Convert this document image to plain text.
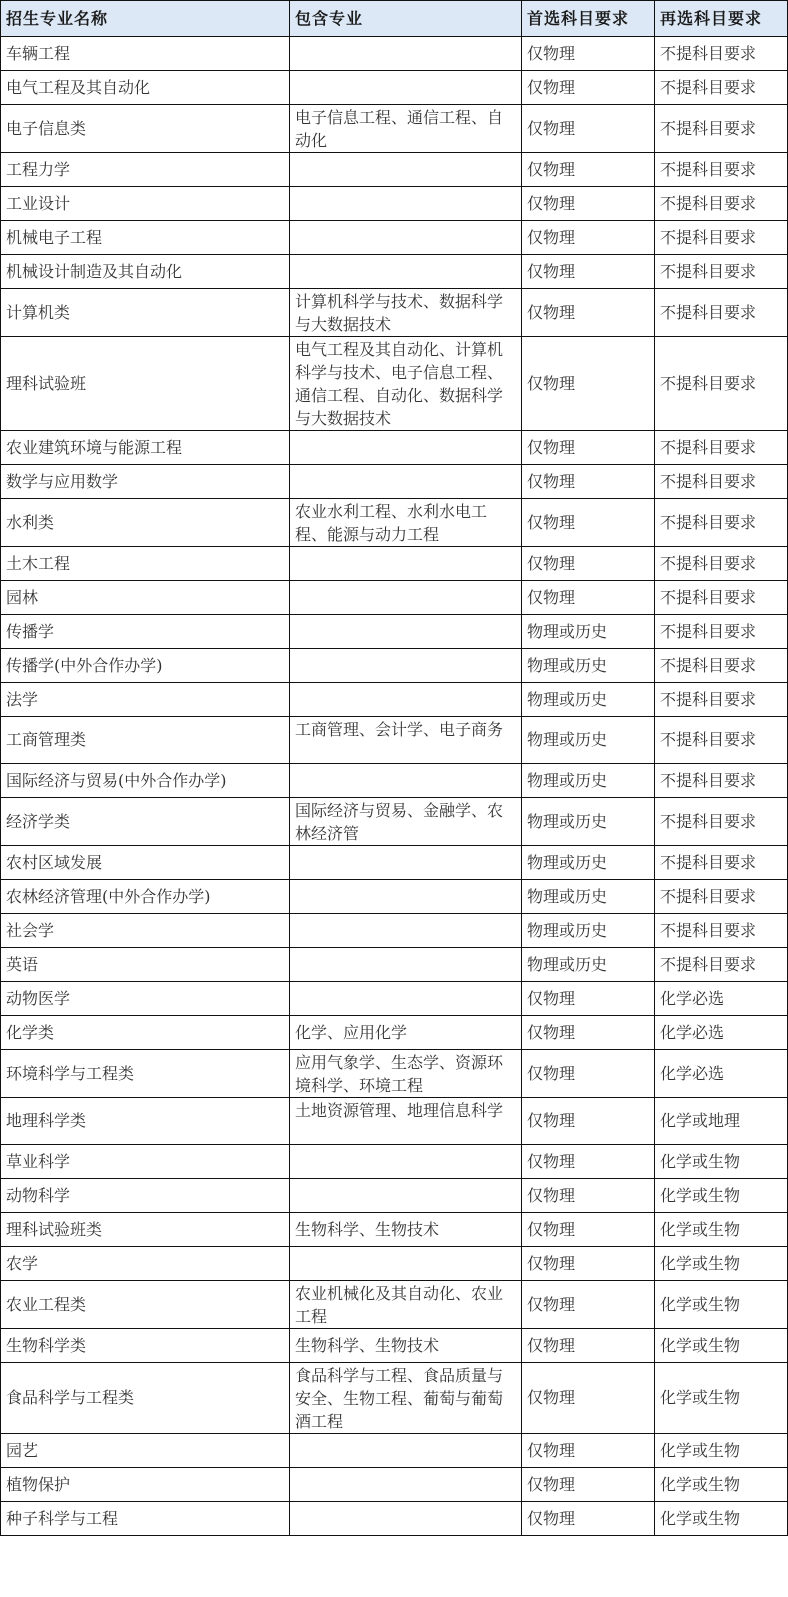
招生专业名称	包含专业	首选科目要求	再选科目要求
车辆工程		仅物理	不提科目要求
电气工程及其自动化		仅物理	不提科目要求
电子信息类	电子信息工程、通信工程、自动化	仅物理	不提科目要求
工程力学		仅物理	不提科目要求
工业设计		仅物理	不提科目要求
机械电子工程		仅物理	不提科目要求
机械设计制造及其自动化		仅物理	不提科目要求
计算机类	计算机科学与技术、数据科学与大数据技术	仅物理	不提科目要求
理科试验班	电气工程及其自动化、计算机科学与技术、电子信息工程、通信工程、自动化、数据科学与大数据技术	仅物理	不提科目要求
农业建筑环境与能源工程		仅物理	不提科目要求
数学与应用数学		仅物理	不提科目要求
水利类	农业水利工程、水利水电工程、能源与动力工程	仅物理	不提科目要求
土木工程		仅物理	不提科目要求
园林		仅物理	不提科目要求
传播学		物理或历史	不提科目要求
传播学(中外合作办学)		物理或历史	不提科目要求
法学		物理或历史	不提科目要求
工商管理类	工商管理、会计学、电子商务	物理或历史	不提科目要求
国际经济与贸易(中外合作办学)		物理或历史	不提科目要求
经济学类	国际经济与贸易、金融学、农林经济管	物理或历史	不提科目要求
农村区域发展		物理或历史	不提科目要求
农林经济管理(中外合作办学)		物理或历史	不提科目要求
社会学		物理或历史	不提科目要求
英语		物理或历史	不提科目要求
动物医学		仅物理	化学必选
化学类	化学、应用化学	仅物理	化学必选
环境科学与工程类	应用气象学、生态学、资源环境科学、环境工程	仅物理	化学必选
地理科学类	土地资源管理、地理信息科学	仅物理	化学或地理
草业科学		仅物理	化学或生物
动物科学		仅物理	化学或生物
理科试验班类	生物科学、生物技术	仅物理	化学或生物
农学		仅物理	化学或生物
农业工程类	农业机械化及其自动化、农业工程	仅物理	化学或生物
生物科学类	生物科学、生物技术	仅物理	化学或生物
食品科学与工程类	食品科学与工程、食品质量与安全、生物工程、葡萄与葡萄酒工程	仅物理	化学或生物
园艺		仅物理	化学或生物
植物保护		仅物理	化学或生物
种子科学与工程		仅物理	化学或生物
